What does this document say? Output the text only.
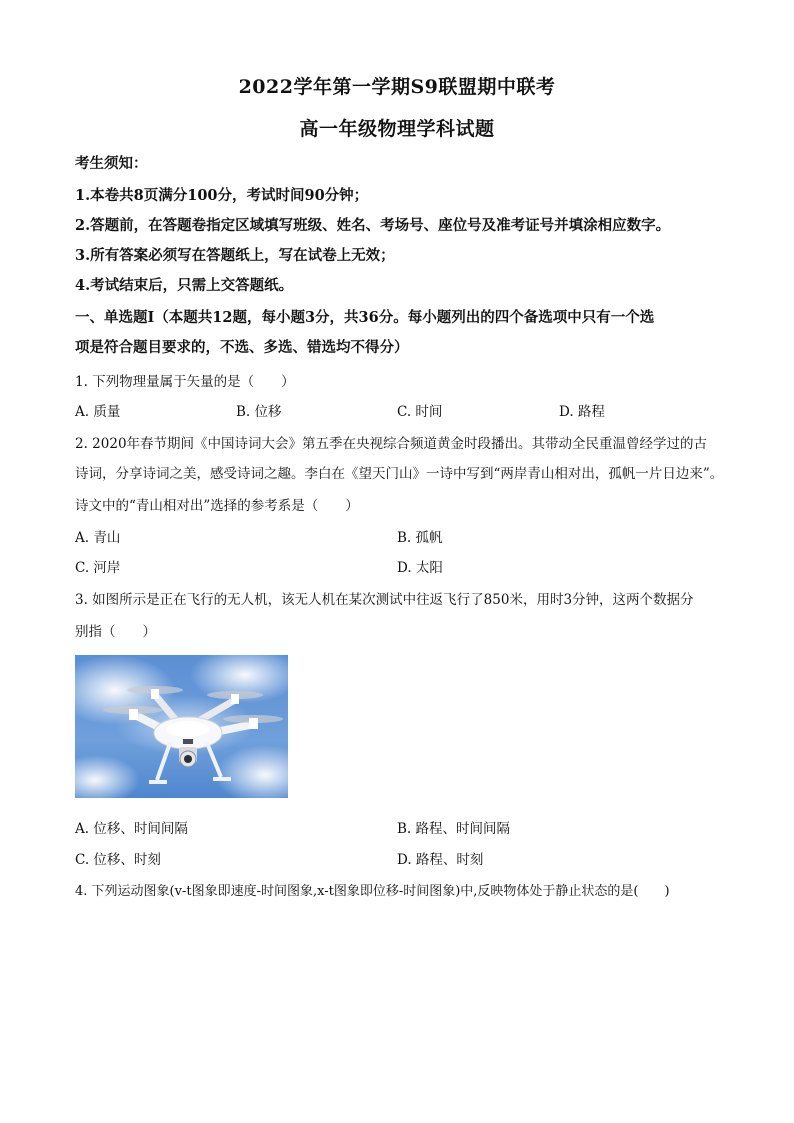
2022学年第一学期S9联盟期中联考
高一年级物理学科试题
考生须知：
1.本卷共8页满分100分，考试时间90分钟；
2.答题前，在答题卷指定区域填写班级、姓名、考场号、座位号及准考证号并填涂相应数字。
3.所有答案必须写在答题纸上，写在试卷上无效；
4.考试结束后，只需上交答题纸。
一、单选题Ⅰ（本题共12题，每小题3分，共36分。每小题列出的四个备选项中只有一个选
项是符合题目要求的，不选、多选、错选均不得分）
1. 下列物理量属于矢量的是（　　）
A. 质量	B. 位移	C. 时间	D. 路程
2. 2020年春节期间《中国诗词大会》第五季在央视综合频道黄金时段播出。其带动全民重温曾经学过的古
诗词，分享诗词之美，感受诗词之趣。李白在《望天门山》一诗中写到“两岸青山相对出，孤帆一片日边来”。
诗文中的“青山相对出”选择的参考系是（　　）
A. 青山	B. 孤帆
C. 河岸	D. 太阳
3. 如图所示是正在飞行的无人机，该无人机在某次测试中往返飞行了850米，用时3分钟，这两个数据分
别指（　　）
A. 位移、时间间隔	B. 路程、时间间隔
C. 位移、时刻	D. 路程、时刻
4. 下列运动图象(v-t图象即速度-时间图象,x-t图象即位移-时间图象)中,反映物体处于静止状态的是(　　)
